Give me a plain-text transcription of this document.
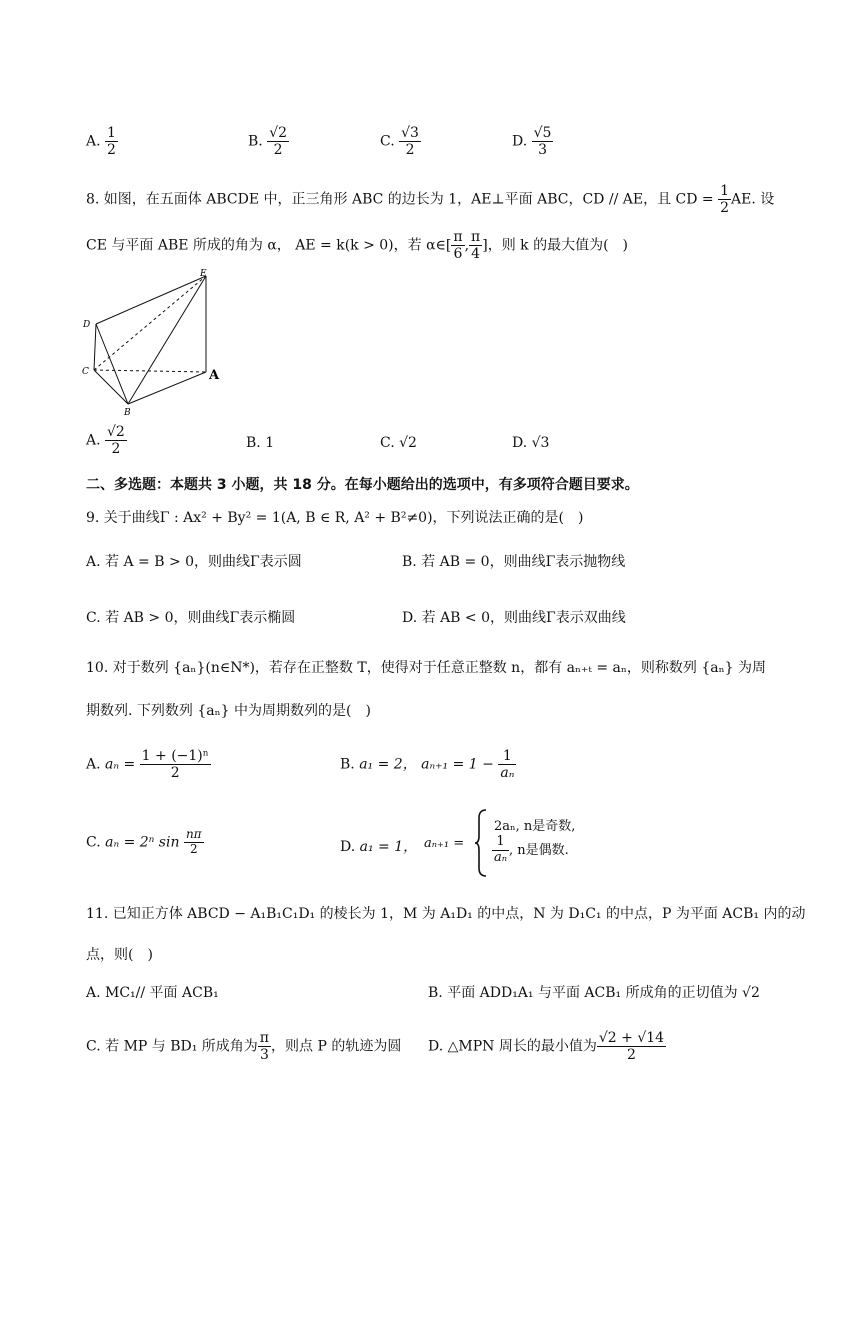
A. $\frac{1}{2}$	B. $\frac{√2}{2}$	C. $\frac{√3}{2}$	D. $\frac{√5}{3}$
8. 如图，在五面体 ABCDE 中，正三角形 ABC 的边长为 1，AE⊥平面 ABC，CD // AE，且 CD = $\frac{1}{2}$ AE. 设
CE 与平面 ABE 所成的角为 α， AE = k(k > 0)，若 α∈[ $\frac{\pi}{6}$ , $\frac{\pi}{4}$ ]，则 k 的最大值为(　)
E
D
C	A
B
A. $\frac{√2}{2}$	B. 1	C. √2	D. √3
二、多选题：本题共 3 小题，共 18 分。在每小题给出的选项中，有多项符合题目要求。
9. 关于曲线Γ : Ax² + By² = 1(A, B ∈ R, A² + B²≠0)，下列说法正确的是(　)
A. 若 A = B > 0，则曲线Γ表示圆	B. 若 AB = 0，则曲线Γ表示抛物线
C. 若 AB > 0，则曲线Γ表示椭圆	D. 若 AB < 0，则曲线Γ表示双曲线
10. 对于数列 {aₙ}(n∈N*)，若存在正整数 T，使得对于任意正整数 n，都有 aₙ₊ₜ = aₙ，则称数列 {aₙ} 为周
期数列. 下列数列 {aₙ} 中为周期数列的是(　)
A. $a_n = \frac{\text{1 + (−1)ⁿ}}{2}$	B. a₁ = 2， $a_{n+1} = 1 - \frac{1}{\text{aₙ}}$
C. aₙ = 2ⁿ $\sin \frac{n\pi}{2}$	D. a₁ = 1， aₙ₊₁ =
2aₙ, n是奇数,
$\frac{1}{\text{aₙ}}$ , n是偶数.
11. 已知正方体 ABCD − A₁B₁C₁D₁ 的棱长为 1，M 为 A₁D₁ 的中点，N 为 D₁C₁ 的中点，P 为平面 ACB₁ 内的动
点，则(　)
A. MC₁// 平面 ACB₁	B. 平面 ADD₁A₁ 与平面 ACB₁ 所成角的正切值为 √2
C. 若 MP 与 BD₁ 所成角为 $\frac{\pi}{3}$ ，则点 P 的轨迹为圆 D. △MPN 周长的最小值为 $\frac{√2 + √14}{2}$
